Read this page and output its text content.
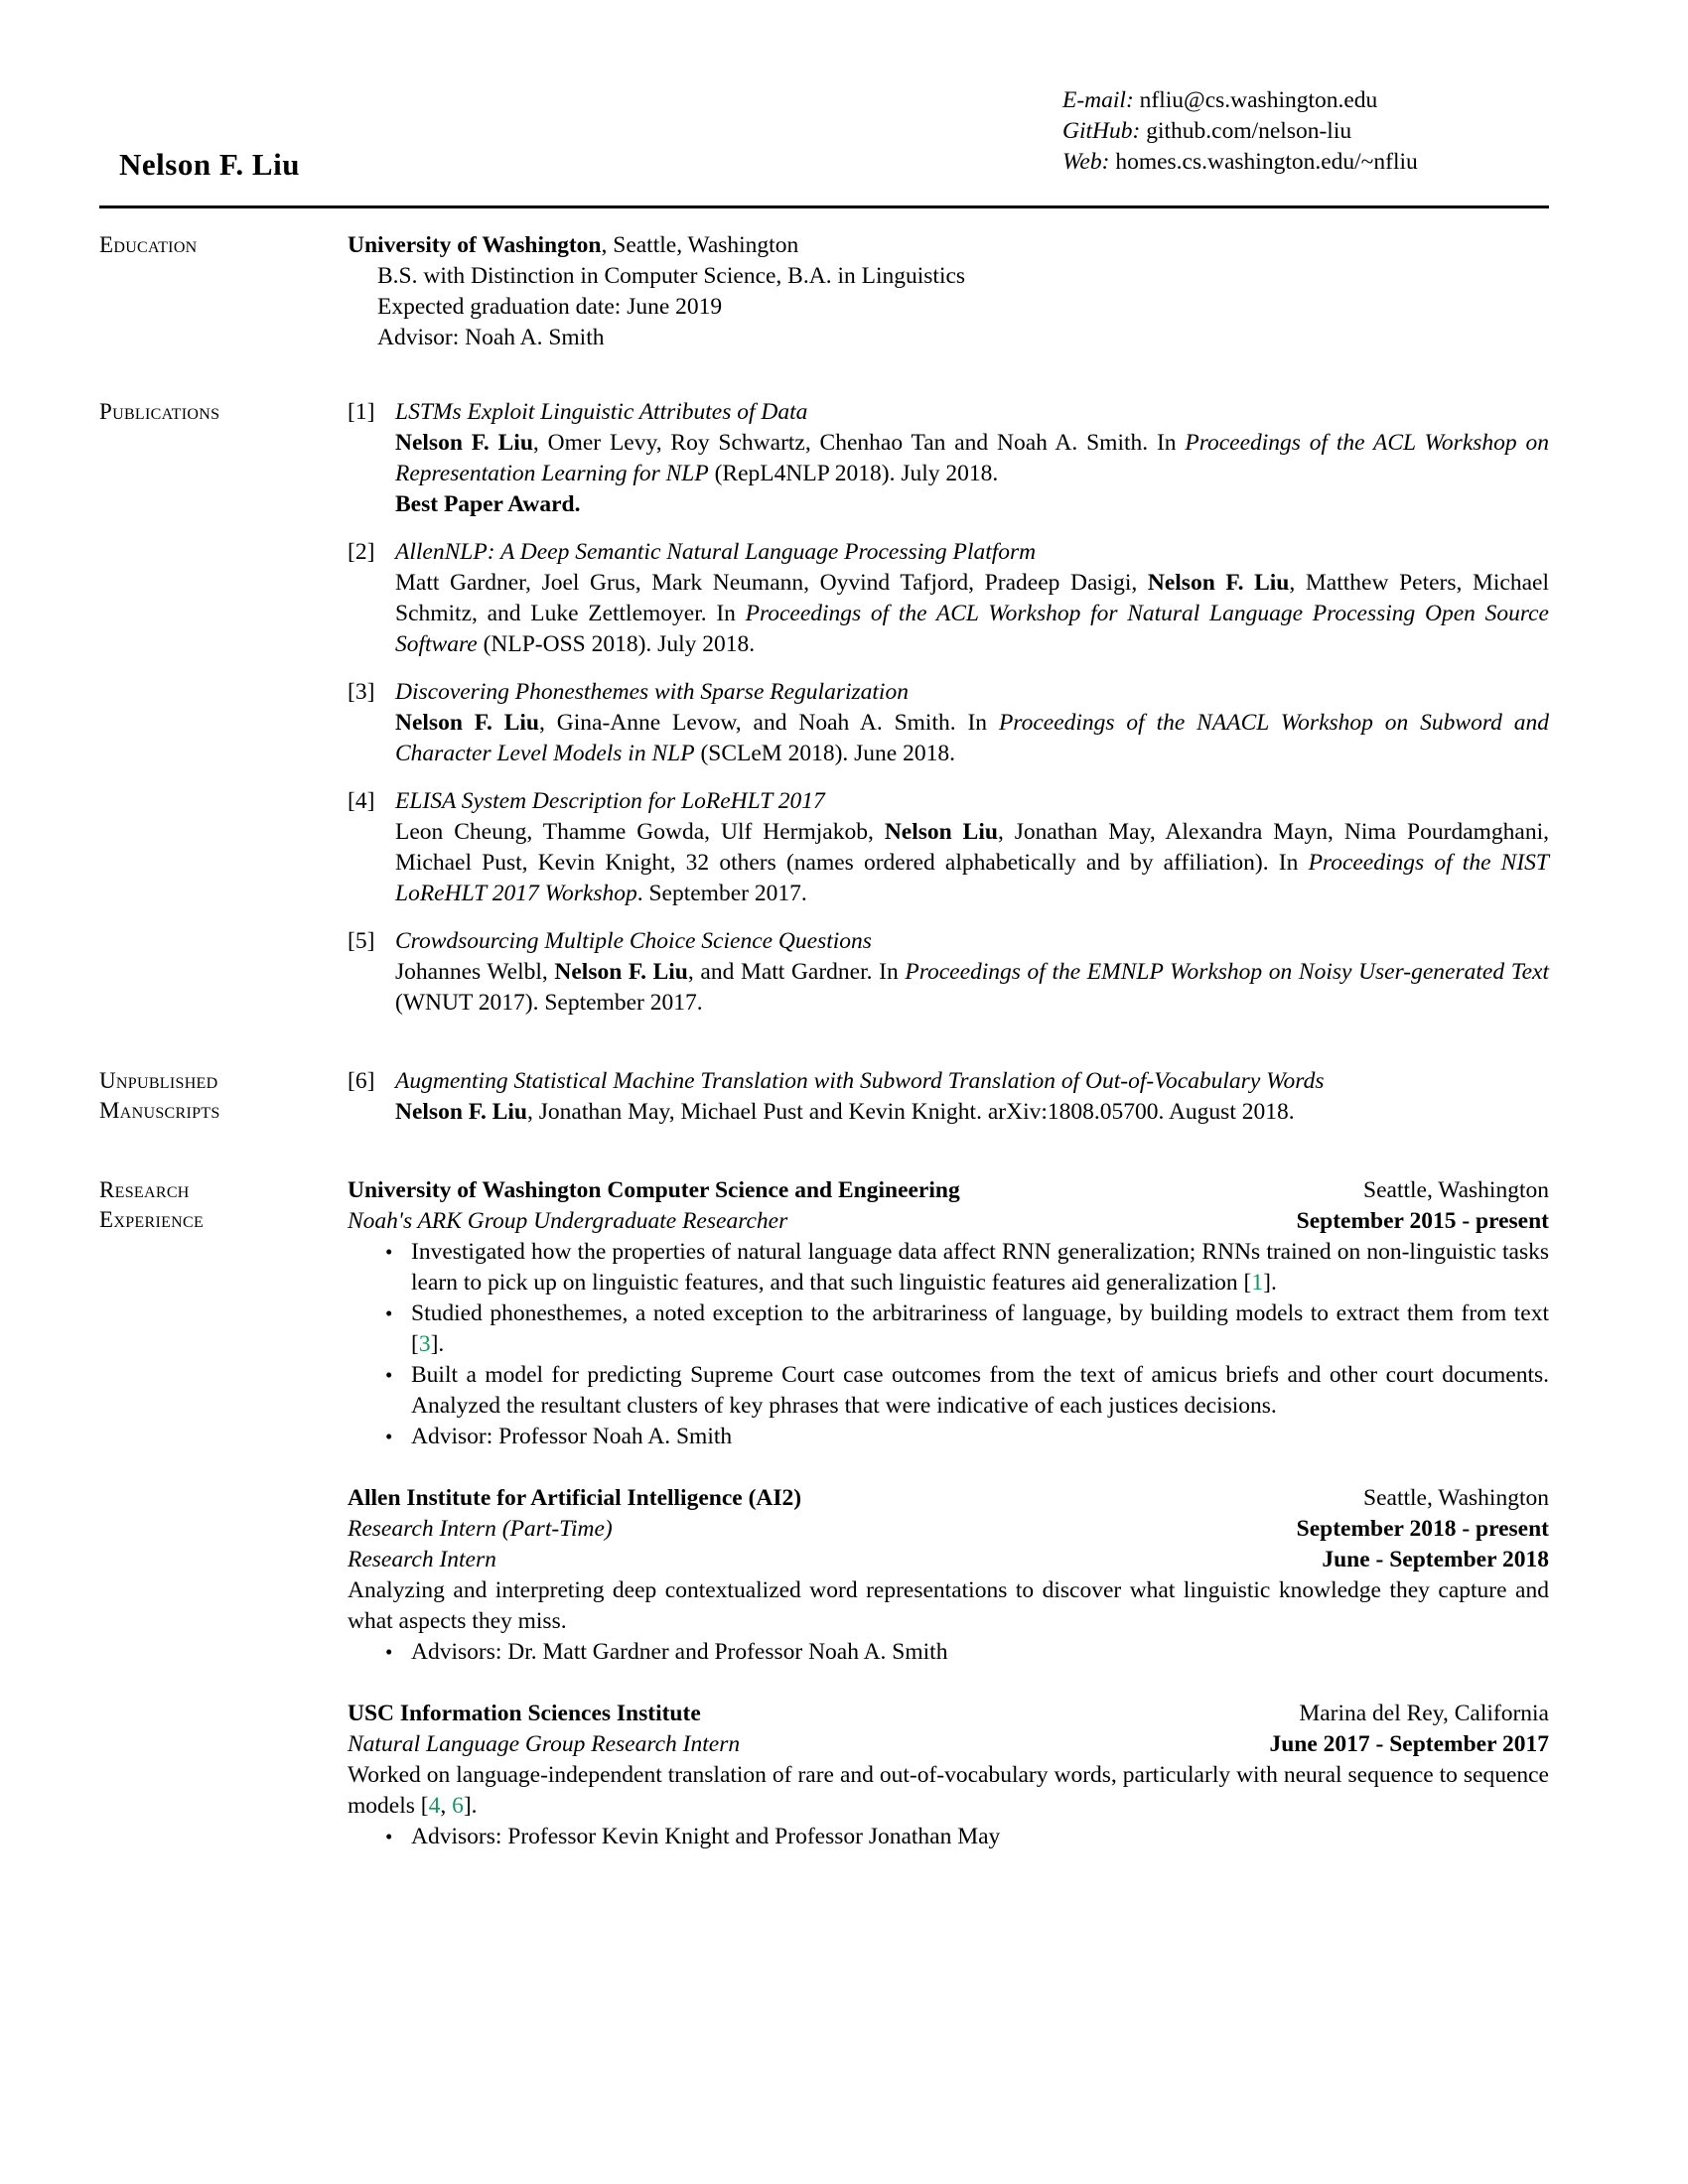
E-mail: nfliu@cs.washington.edu
GitHub: github.com/nelson-liu
Web: homes.cs.washington.edu/~nfliu
Nelson F. Liu
Education	University of Washington, Seattle, Washington
B.S. with Distinction in Computer Science, B.A. in Linguistics
Expected graduation date: June 2019
Advisor: Noah A. Smith
Publications	[1] LSTMs Exploit Linguistic Attributes of Data
Nelson F. Liu, Omer Levy, Roy Schwartz, Chenhao Tan and Noah A. Smith. In Proceedings of the ACL Workshop on Representation Learning for NLP (RepL4NLP 2018). July 2018.
Best Paper Award.
[2] AllenNLP: A Deep Semantic Natural Language Processing Platform
Matt Gardner, Joel Grus, Mark Neumann, Oyvind Tafjord, Pradeep Dasigi, Nelson F. Liu, Matthew Peters, Michael Schmitz, and Luke Zettlemoyer. In Proceedings of the ACL Workshop for Natural Language Processing Open Source Software (NLP-OSS 2018). July 2018.
[3] Discovering Phonesthemes with Sparse Regularization
Nelson F. Liu, Gina-Anne Levow, and Noah A. Smith. In Proceedings of the NAACL Workshop on Subword and Character Level Models in NLP (SCLeM 2018). June 2018.
[4] ELISA System Description for LoReHLT 2017
Leon Cheung, Thamme Gowda, Ulf Hermjakob, Nelson Liu, Jonathan May, Alexandra Mayn, Nima Pourdamghani, Michael Pust, Kevin Knight, 32 others (names ordered alphabetically and by affiliation). In Proceedings of the NIST LoReHLT 2017 Workshop. September 2017.
[5] Crowdsourcing Multiple Choice Science Questions
Johannes Welbl, Nelson F. Liu, and Matt Gardner. In Proceedings of the EMNLP Workshop on Noisy User-generated Text (WNUT 2017). September 2017.
Unpublished
Manuscripts
[6] Augmenting Statistical Machine Translation with Subword Translation of Out-of-Vocabulary Words
Nelson F. Liu, Jonathan May, Michael Pust and Kevin Knight. arXiv:1808.05700. August 2018.
Research
Experience
University of Washington Computer Science and Engineering	Seattle, Washington
Noah's ARK Group Undergraduate Researcher	September 2015 - present
• Investigated how the properties of natural language data affect RNN generalization; RNNs trained on non-linguistic tasks learn to pick up on linguistic features, and that such linguistic features aid generalization [1].
• Studied phonesthemes, a noted exception to the arbitrariness of language, by building models to extract them from text [3].
• Built a model for predicting Supreme Court case outcomes from the text of amicus briefs and other court documents. Analyzed the resultant clusters of key phrases that were indicative of each justices decisions.
• Advisor: Professor Noah A. Smith
Allen Institute for Artificial Intelligence (AI2)	Seattle, Washington
Research Intern (Part-Time)	September 2018 - present
Research Intern	June - September 2018
Analyzing and interpreting deep contextualized word representations to discover what linguistic knowledge they capture and what aspects they miss.
• Advisors: Dr. Matt Gardner and Professor Noah A. Smith
USC Information Sciences Institute	Marina del Rey, California
Natural Language Group Research Intern	June 2017 - September 2017
Worked on language-independent translation of rare and out-of-vocabulary words, particularly with neural sequence to sequence models [4, 6].
• Advisors: Professor Kevin Knight and Professor Jonathan May
